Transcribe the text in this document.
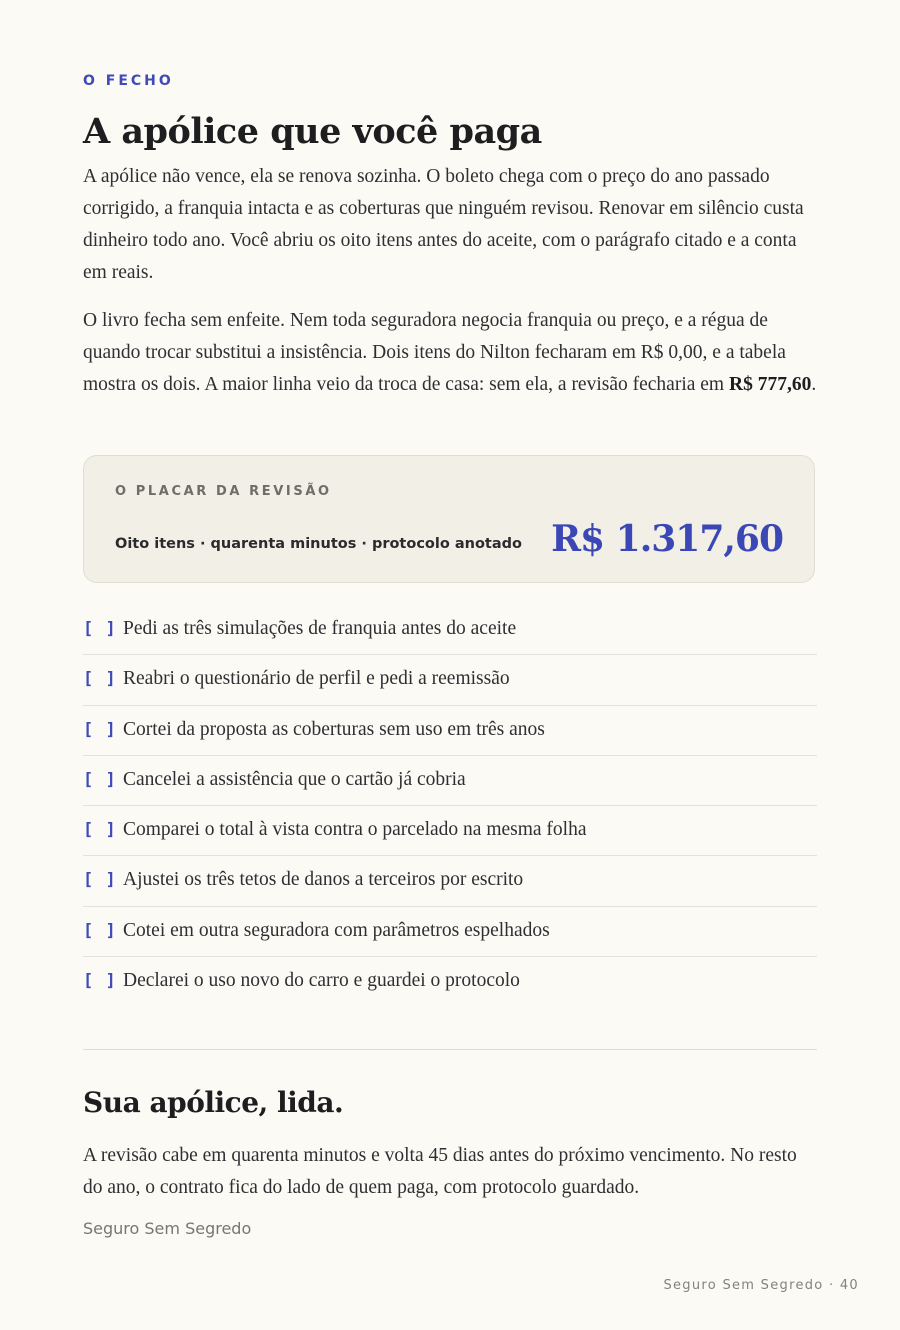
O FECHO
A apólice que você paga

A apólice não vence, ela se renova sozinha. O boleto chega com o preço do ano passado corrigido, a franquia intacta e as coberturas que ninguém revisou. Renovar em silêncio custa dinheiro todo ano. Você abriu os oito itens antes do aceite, com o parágrafo citado e a conta em reais.

O livro fecha sem enfeite. Nem toda seguradora negocia franquia ou preço, e a régua de quando trocar substitui a insistência. Dois itens do Nilton fecharam em R$ 0,00, e a tabela mostra os dois. A maior linha veio da troca de casa: sem ela, a revisão fecharia em R$ 777,60.

O PLACAR DA REVISÃO
Oito itens · quarenta minutos · protocolo anotado R$ 1.317,60
[ ] Pedi as três simulações de franquia antes do aceite
[ ] Reabri o questionário de perfil e pedi a reemissão
[ ] Cortei da proposta as coberturas sem uso em três anos
[ ] Cancelei a assistência que o cartão já cobria
[ ] Comparei o total à vista contra o parcelado na mesma folha
[ ] Ajustei os três tetos de danos a terceiros por escrito
[ ] Cotei em outra seguradora com parâmetros espelhados
[ ] Declarei o uso novo do carro e guardei o protocolo
Sua apólice, lida.

A revisão cabe em quarenta minutos e volta 45 dias antes do próximo vencimento. No resto do ano, o contrato fica do lado de quem paga, com protocolo guardado.

Seguro Sem Segredo
Seguro Sem Segredo · 40
